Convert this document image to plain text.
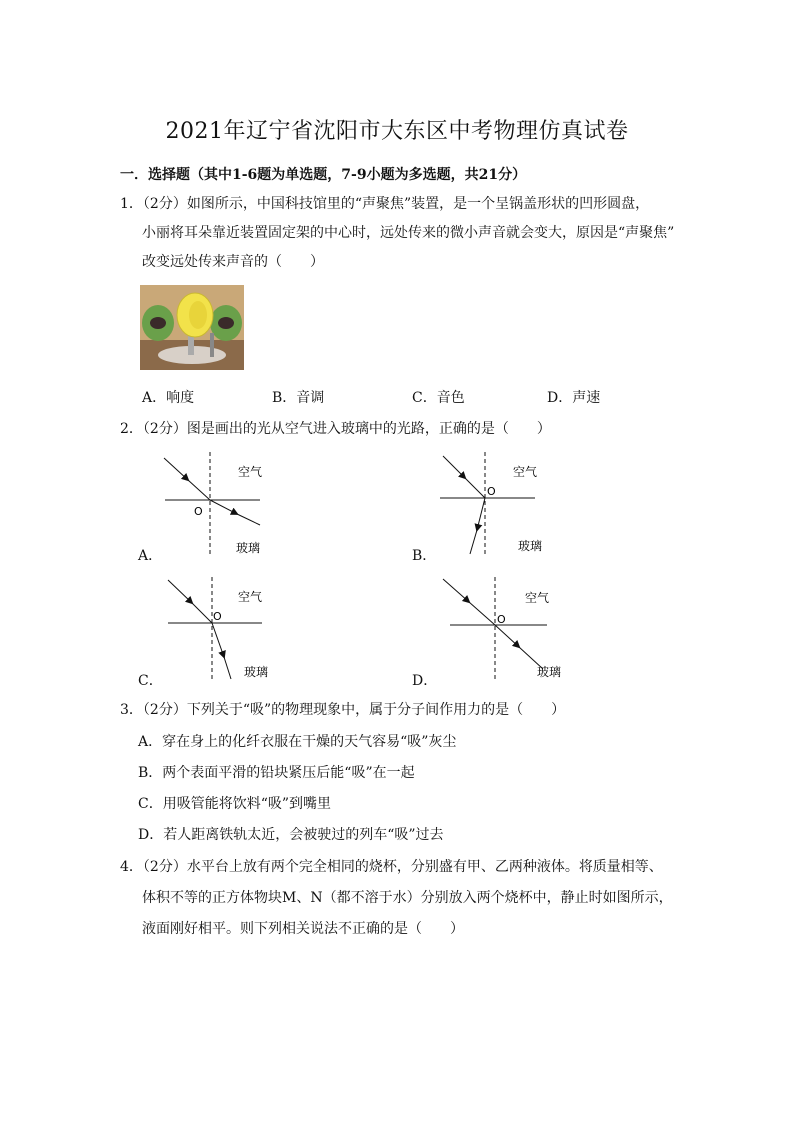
2021年辽宁省沈阳市大东区中考物理仿真试卷
一．选择题（其中1-6题为单选题，7-9小题为多选题，共21分）
1．（2分）如图所示，中国科技馆里的“声聚焦”装置，是一个呈锅盖形状的凹形圆盘，
小丽将耳朵靠近装置固定架的中心时，远处传来的微小声音就会变大，原因是“声聚焦”
改变远处传来声音的（　　）
A．响度	B．音调	C．音色	D．声速
2．（2分）图是画出的光从空气进入玻璃中的光路，正确的是（　　）
空气
O
玻璃
A．
空气
O
玻璃
B．
空气
O
玻璃
C．
空气
O
玻璃
D．
3．（2分）下列关于“吸”的物理现象中，属于分子间作用力的是（　　）
A．穿在身上的化纤衣服在干燥的天气容易“吸”灰尘
B．两个表面平滑的铅块紧压后能“吸”在一起
C．用吸管能将饮料“吸”到嘴里
D．若人距离铁轨太近，会被驶过的列车“吸”过去
4．（2分）水平台上放有两个完全相同的烧杯，分别盛有甲、乙两种液体。将质量相等、
体积不等的正方体物块M、N（都不溶于水）分别放入两个烧杯中，静止时如图所示，
液面刚好相平。则下列相关说法不正确的是（　　）
